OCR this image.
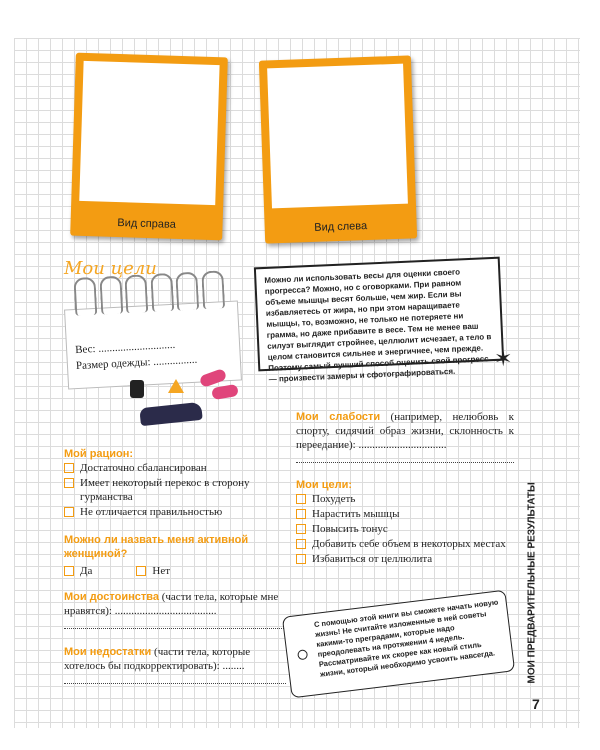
Вид справа	Вид слева
Мои цели
Вес: ............................
Размер одежды: ................
Можно ли использовать весы для оценки своего прогресса? Можно, но с оговорками. При равном объеме мышцы весят больше, чем жир. Если вы избавляетесь от жира, но при этом наращиваете мышцы, то, возможно, не только не потеряете ни грамма, но даже прибавите в весе. Тем не менее ваш силуэт выглядит стройнее, целлюлит исчезает, а тело в целом становится сильнее и энергичнее, чем прежде. Поэтому самый лучший способ оценить свой прогресс — произвести замеры и сфотографироваться.
✶
Мой рацион:
Достаточно сбалансирован
Имеет некоторый перекос в сторону гурманства
Не отличается правильностью
Можно ли назвать меня активной женщиной?
Да	Нет
Мои достоинства (части тела, которые мне нравятся): .....................................
Мои недостатки (части тела, которые хотелось бы подкорректировать): ........
Мои слабости (например, нелюбовь к спорту, сидячий образ жизни, склонность к переедание): ................................
Мои цели:
Похудеть
Нарастить мышцы
Повысить тонус
Добавить себе объем в некоторых местах
Избавиться от целлюлита	МОИ ПРЕДВАРИТЕЛЬНЫЕ РЕЗУЛЬТАТЫ
С помощью этой книги вы сможете начать новую жизнь! Не считайте изложенные в ней советы какими-то преградами, которые надо преодолевать на протяжении 4 недель. Рассматривайте их скорее как новый стиль жизни, который необходимо усвоить навсегда.
7
